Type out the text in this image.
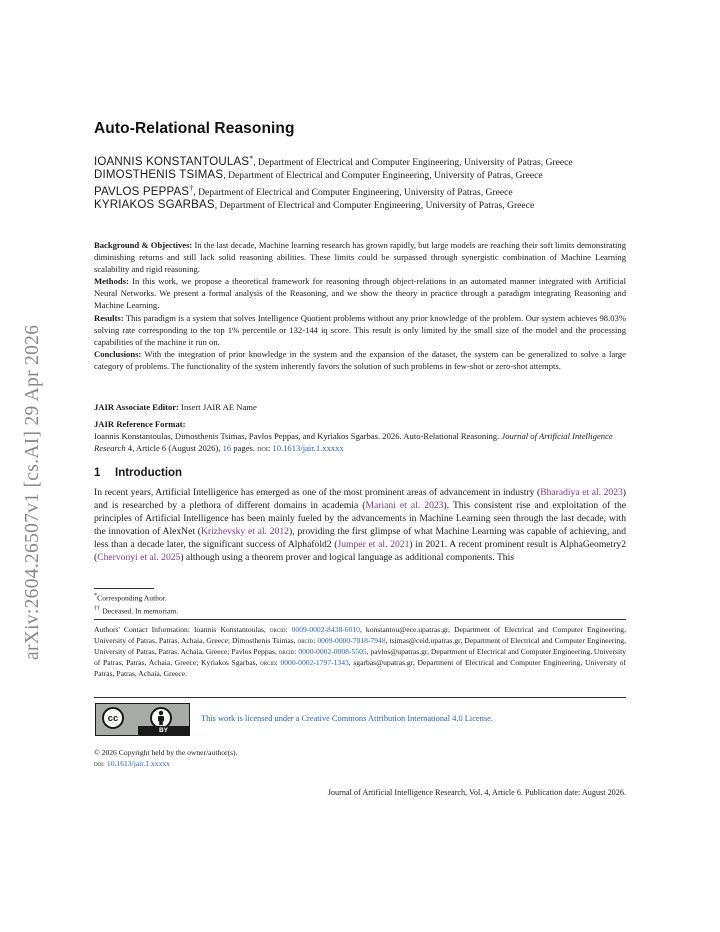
arXiv:2604.26507v1 [cs.AI] 29 Apr 2026
Auto-Relational Reasoning

IOANNIS KONSTANTOULAS*, Department of Electrical and Computer Engineering, University of Patras, Greece

DIMOSTHENIS TSIMAS, Department of Electrical and Computer Engineering, University of Patras, Greece

PAVLOS PEPPAS†, Department of Electrical and Computer Engineering, University of Patras, Greece

KYRIAKOS SGARBAS, Department of Electrical and Computer Engineering, University of Patras, Greece

Background & Objectives: In the last decade, Machine learning research has grown rapidly, but large models are reaching their soft limits demonstrating diminishing returns and still lack solid reasoning abilities. These limits could be surpassed through synergistic combination of Machine Learning scalability and rigid reasoning.

Methods: In this work, we propose a theoretical framework for reasoning through object-relations in an automated manner integrated with Artificial Neural Networks. We present a formal analysis of the Reasoning, and we show the theory in practice through a paradigm integrating Reasoning and Machine Learning.

Results: This paradigm is a system that solves Intelligence Quotient problems without any prior knowledge of the problem. Our system achieves 98.03% solving rate corresponding to the top 1% percentile or 132-144 iq score. This result is only limited by the small size of the model and the processing capabilities of the machine it run on.

Conclusions: With the integration of prior knowledge in the system and the expansion of the dataset, the system can be generalized to solve a large category of problems. The functionality of the system inherently favors the solution of such problems in few-shot or zero-shot attempts.

JAIR Associate Editor: Insert JAIR AE Name

JAIR Reference Format:

Ioannis Konstantoulas, Dimosthenis Tsimas, Pavlos Peppas, and Kyriakos Sgarbas. 2026. Auto-Relational Reasoning. Journal of Artificial Intelligence Research 4, Article 6 (August 2026), 16 pages. doi: 10.1613/jair.1.xxxxx

1 Introduction

In recent years, Artificial Intelligence has emerged as one of the most prominent areas of advancement in industry (Bharadiya et al. 2023) and is researched by a plethora of different domains in academia (Mariani et al. 2023). This consistent rise and exploitation of the principles of Artificial Intelligence has been mainly fueled by the advancements in Machine Learning seen through the last decade, with the innovation of AlexNet (Krizhevsky et al. 2012), providing the first glimpse of what Machine Learning was capable of achieving, and less than a decade later, the significant success of Alphafold2 (Jumper et al. 2021) in 2021. A recent prominent result is AlphaGeometry2 (Chervonyi et al. 2025) although using a theorem prover and logical language as additional components. This

*Corresponding Author.

†† Deceased. In memoriam.

Authors' Contact Information: Ioannis Konstantoulas, orcid: 0009-0002-8438-6010, konstantou@ece.upatras.gr, Department of Electrical and Computer Engineering, University of Patras, Patras, Achaia, Greece; Dimosthenis Tsimas, orcid: 0009-0000-7018-7948, tsimas@ceid.upatras.gr, Department of Electrical and Computer Engineering, University of Patras, Patras, Achaia, Greece; Pavlos Peppas, orcid: 0000-0002-0008-5505, pavlos@upatras.gr, Department of Electrical and Computer Engineering, University of Patras, Patras, Achaia, Greece; Kyriakos Sgarbas, orcid: 0000-0002-1797-1343, sgarbas@upatras.gr, Department of Electrical and Computer Engineering, University of Patras, Patras, Achaia, Greece.

cc
BY
This work is licensed under a Creative Commons Attribution International 4.0 License.

© 2026 Copyright held by the owner/author(s).

doi: 10.1613/jair.1.xxxxx

Journal of Artificial Intelligence Research, Vol. 4, Article 6. Publication date: August 2026.
